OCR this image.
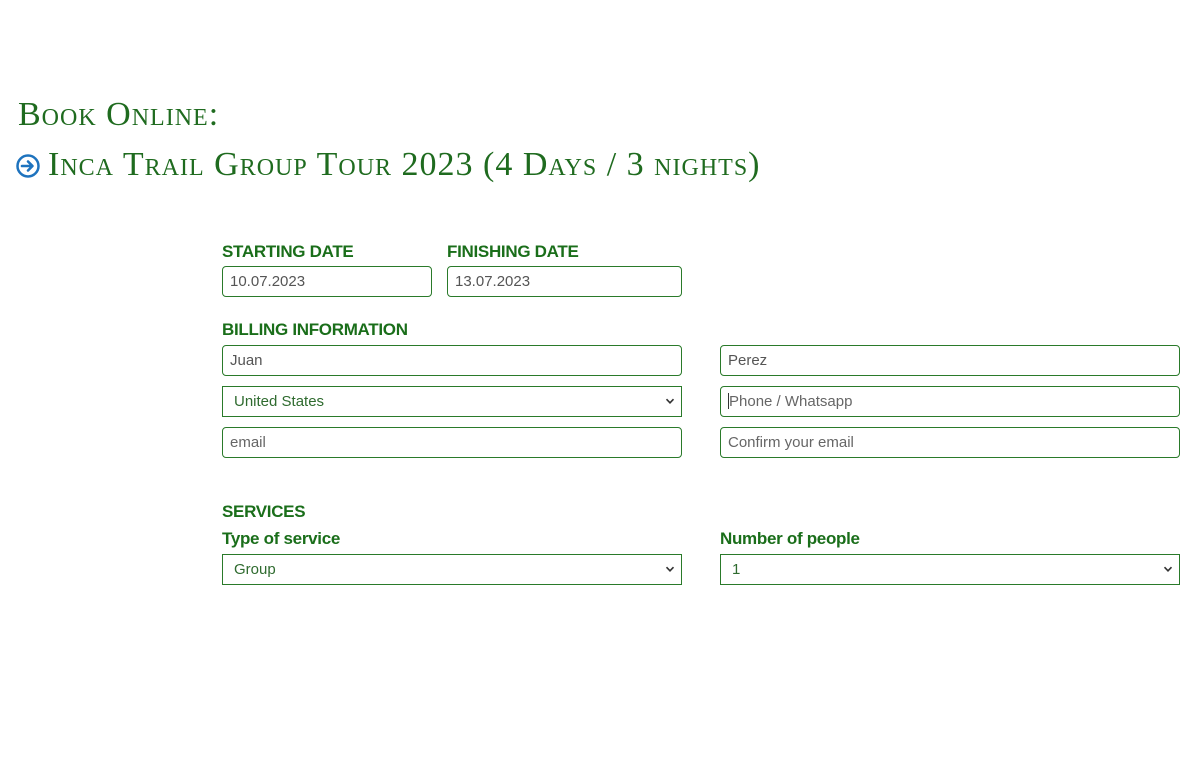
Book Online:
Inca Trail Group Tour 2023 (4 Days / 3 nights)
STARTING DATE
10.07.2023
FINISHING DATE
13.07.2023
BILLING INFORMATION
Juan	Perez
United States	Phone / Whatsapp
email	Confirm your email
SERVICES
Type of service	Number of people
Group	1
